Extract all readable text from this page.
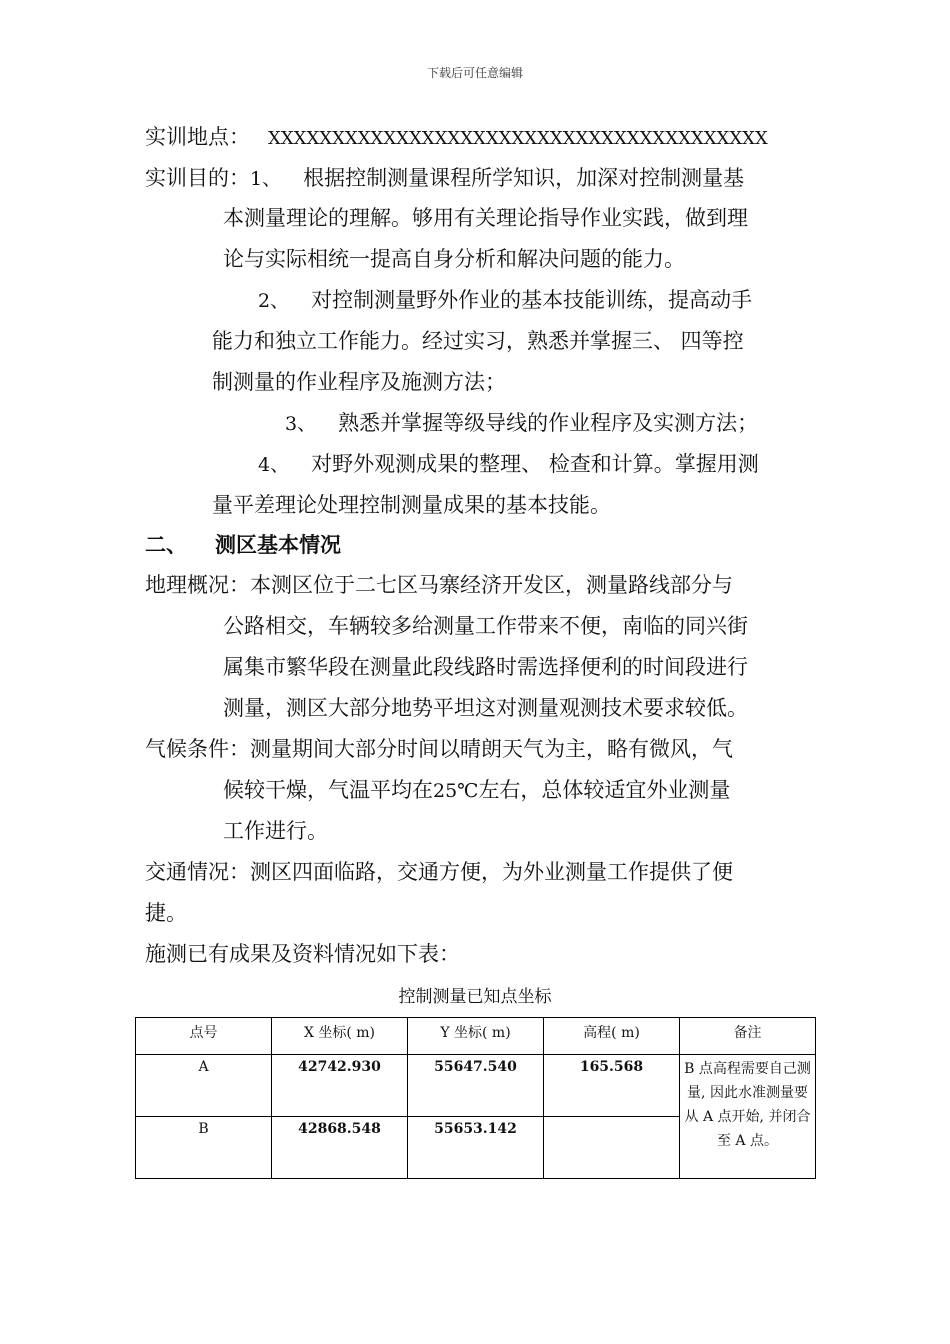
下载后可任意编辑
实训地点： XXXXXXXXXXXXXXXXXXXXXXXXXXXXXXXXXXXXXXX
实训目的：1、 根据控制测量课程所学知识，加深对控制测量基
本测量理论的理解。够用有关理论指导作业实践，做到理
论与实际相统一提高自身分析和解决问题的能力。
2、 对控制测量野外作业的基本技能训练，提高动手
能力和独立工作能力。经过实习，熟悉并掌握三、 四等控
制测量的作业程序及施测方法；
3、 熟悉并掌握等级导线的作业程序及实测方法；
4、 对野外观测成果的整理、 检查和计算。掌握用测
量平差理论处理控制测量成果的基本技能。
二、 测区基本情况
地理概况：本测区位于二七区马寨经济开发区，测量路线部分与
公路相交，车辆较多给测量工作带来不便，南临的同兴街
属集市繁华段在测量此段线路时需选择便利的时间段进行
测量，测区大部分地势平坦这对测量观测技术要求较低。
气候条件：测量期间大部分时间以晴朗天气为主，略有微风，气
候较干燥，气温平均在25℃左右，总体较适宜外业测量
工作进行。
交通情况：测区四面临路，交通方便，为外业测量工作提供了便
捷。
施测已有成果及资料情况如下表：
控制测量已知点坐标
点号	X 坐标( m)	Y 坐标( m)	高程( m)	备注
A	42742.930	55647.540	165.568	B 点高程需要自己测量, 因此水准测量要从 A 点开始, 并闭合至 A 点。
B	42868.548	55653.142		
